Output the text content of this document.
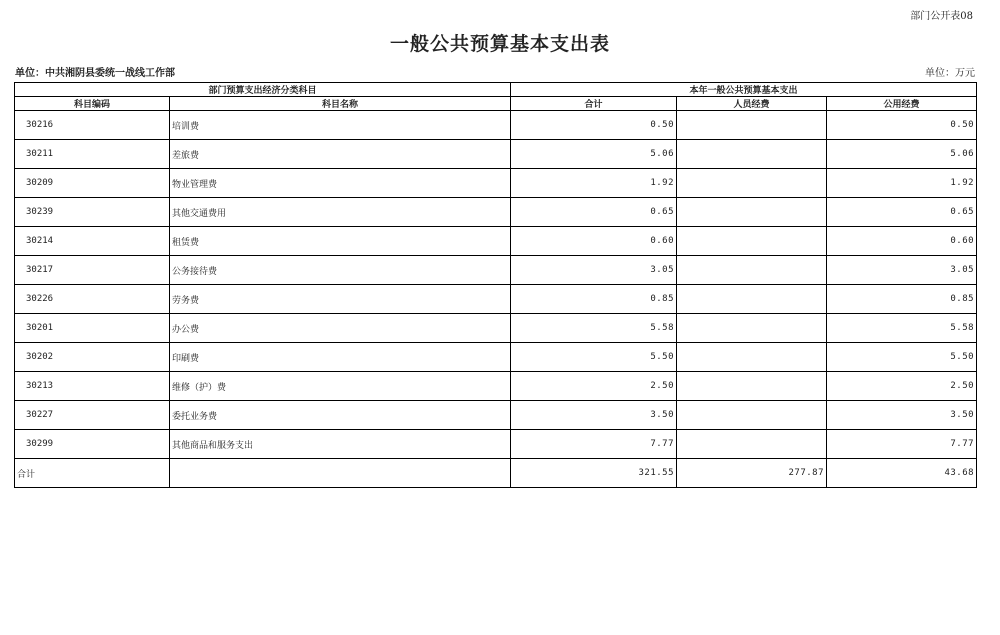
部门公开表08
一般公共预算基本支出表
单位：中共湘阴县委统一战线工作部	单位：万元
部门预算支出经济分类科目		本年一般公共预算基本支出		
科目编码	科目名称	合计	人员经费	公用经费
30216	培训费	0.50		0.50
30211	差旅费	5.06		5.06
30209	物业管理费	1.92		1.92
30239	其他交通费用	0.65		0.65
30214	租赁费	0.60		0.60
30217	公务接待费	3.05		3.05
30226	劳务费	0.85		0.85
30201	办公费	5.58		5.58
30202	印刷费	5.50		5.50
30213	维修（护）费	2.50		2.50
30227	委托业务费	3.50		3.50
30299	其他商品和服务支出	7.77		7.77
合计		321.55	277.87	43.68
